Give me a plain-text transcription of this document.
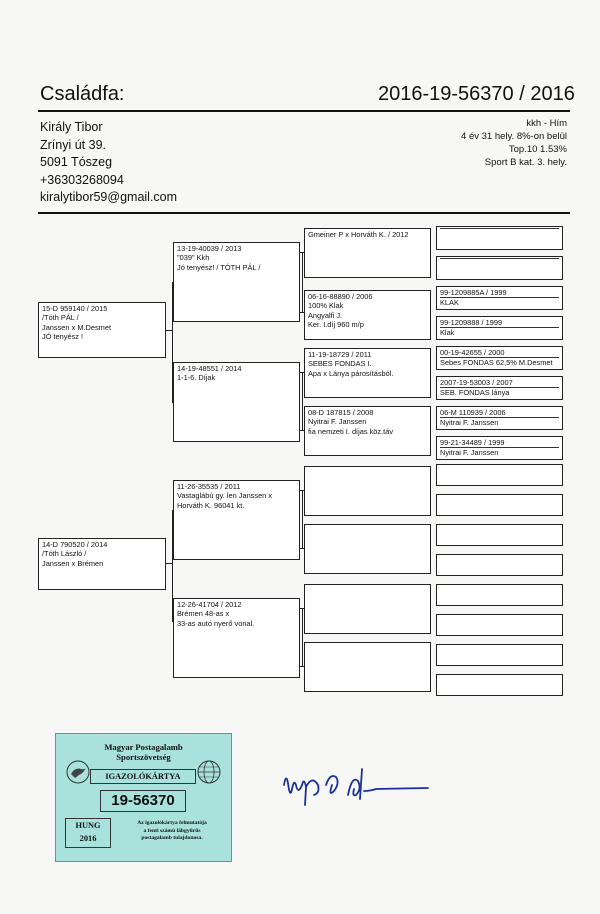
Családfa:	2016-19-56370 / 2016
Király Tibor
Zrínyi út 39.
5091 Tószeg
+36303268094
kiralytibor59@gmail.com
kkh - Hím
4 év 31 hely. 8%-on belül
Top.10 1.53%
Sport B kat. 3. hely.
15-D 959140 / 2015
/Tóth PÁL /
Janssen x M.Desmet
JÓ tenyész !
14-D 790520 / 2014
/Tóth László /
Janssen x Brémen
13-19-40039 / 2013
"039" Kkh
Jó tenyész! / TÓTH PÁL /
14-19-48551 / 2014
1-1-6. Díjak
11-26-35535 / 2011
Vastaglábú gy. len Janssen x
Horváth K. 96041 kt.
12-26-41704 / 2012
Brémen 48-as x
33-as autó nyerő vonal.
Gmeiner P x Horváth K. / 2012
06-16-88890 / 2006
100% Klak
Angyalfi J.
Ker. I.díj 960 m/p
11-19-18729 / 2011
SEBES FONDAS I.
Apa x Lánya párosításból.
08-D 187815 / 2008
Nyitrai F. Janssen
fia nemzeti I. díjas köz.táv
99-1209885A / 1999
KLAK
99-1209888 / 1999
Klak
00-19-42655 / 2000
Sebes FONDAS 62,5% M.Desmet
2007-19-53003 / 2007
SEB. FONDAS lánya
06-M 110939 / 2006
Nyitrai F. Janssen
99-21-34489 / 1999
Nyitrai F. Janssen
Magyar Postagalamb
Sportszövetség
IGAZOLÓKÁRTYA
19-56370
HUNG
2016
Az igazolókártya felmutatója
a fenti számú lábgyűrűs
postagalamb tulajdonosa.
